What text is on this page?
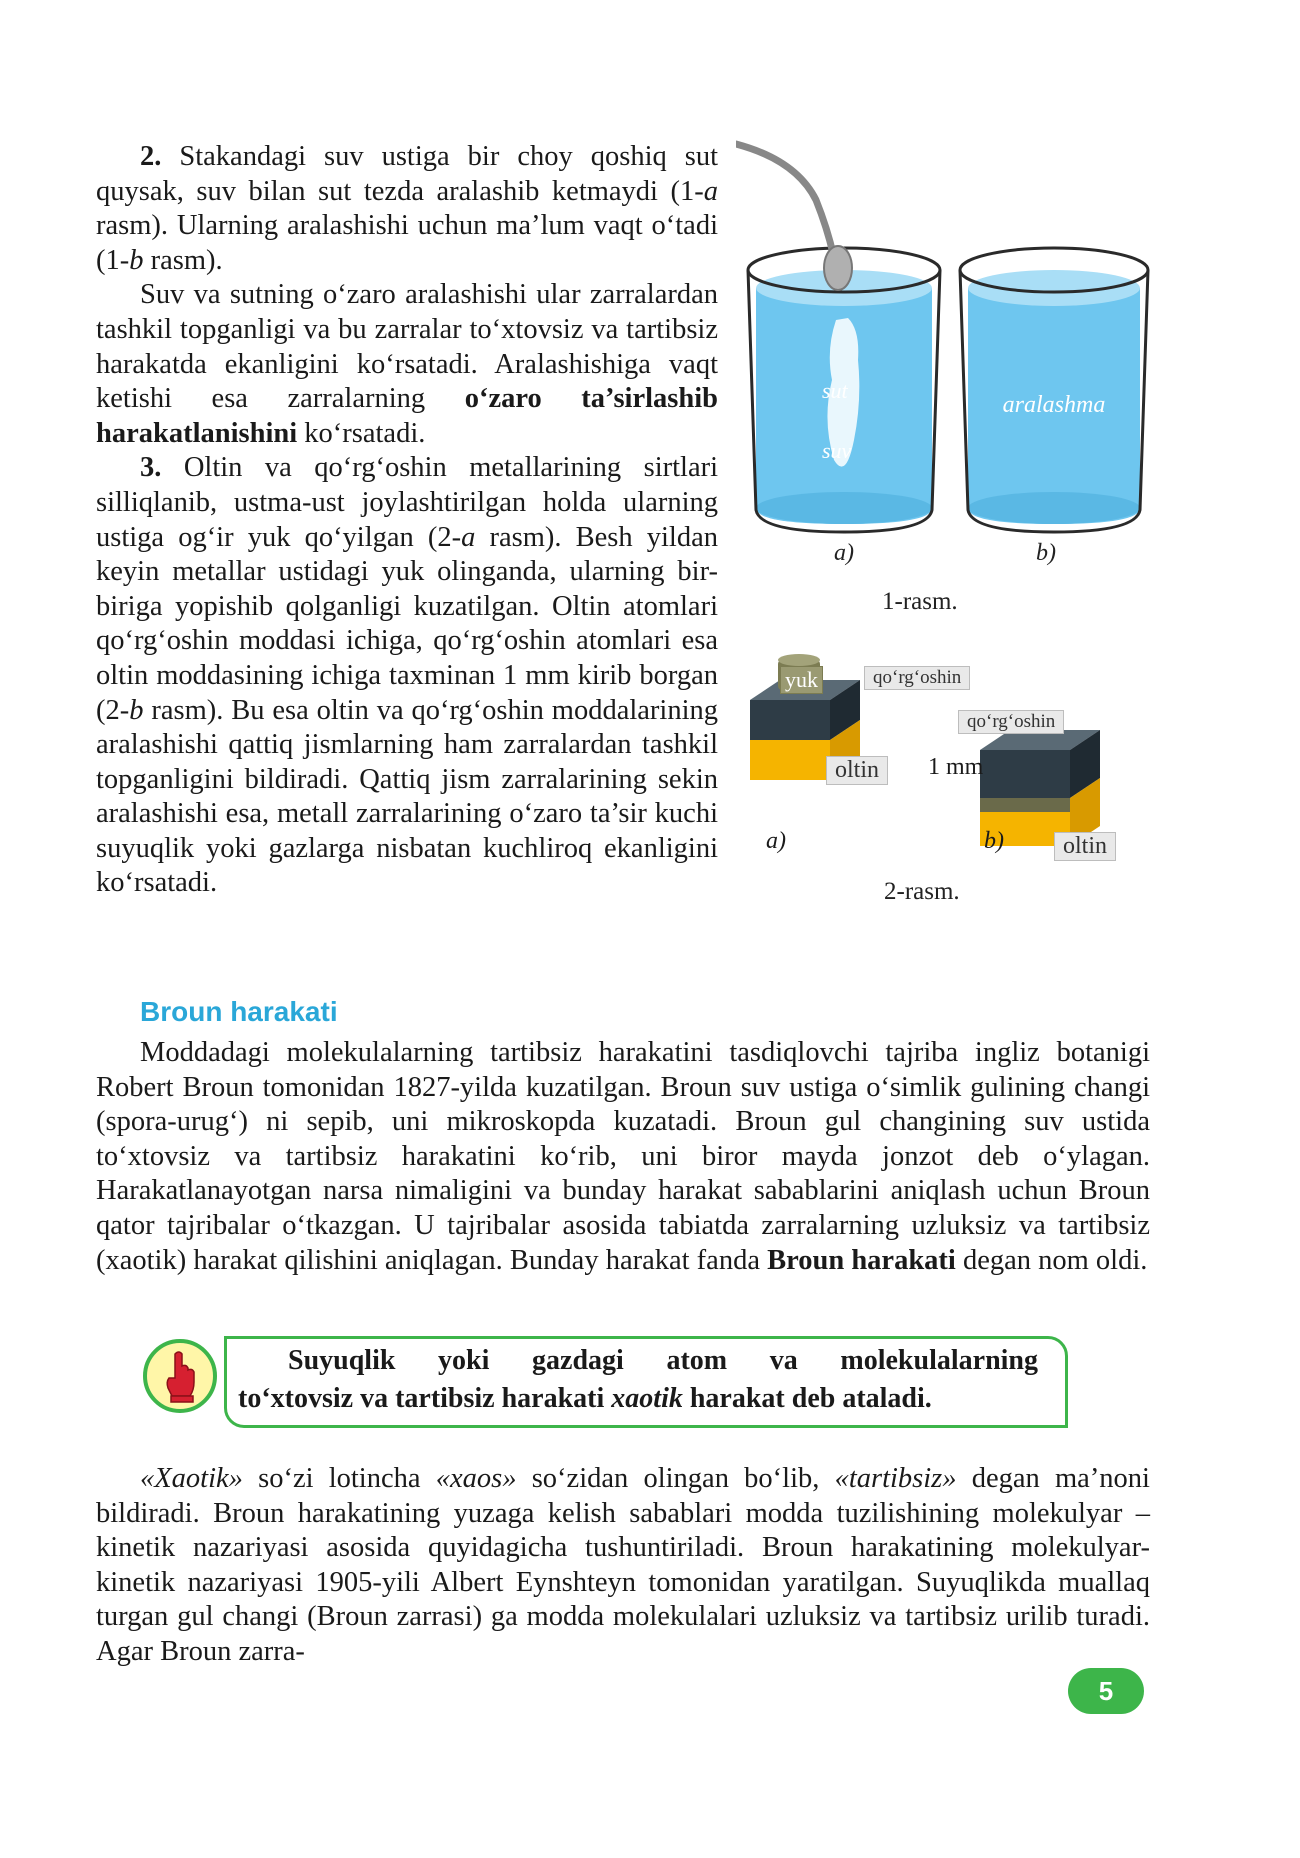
2. Stakandagi suv ustiga bir choy qoshiq sut quysak, suv bilan sut tezda aralashib ketmaydi (1-a rasm). Ularning aralashishi uchun ma’lum vaqt o‘tadi (1-b rasm).

Suv va sutning o‘zaro aralashishi ular zarralardan tashkil topganligi va bu zarralar to‘xtovsiz va tartibsiz harakatda ekanligini ko‘rsatadi. Aralashishiga vaqt ketishi esa zarralarning o‘zaro ta’sirlashib harakatlanishini ko‘rsatadi.

3. Oltin va qo‘rg‘oshin metallarining sirtlari silliqlanib, ustma-ust joylashtirilgan holda ularning ustiga og‘ir yuk qo‘yilgan (2-a rasm). Besh yildan keyin metallar ustidagi yuk olinganda, ularning bir-biriga yopishib qolganligi kuzatilgan. Oltin atomlari qo‘rg‘oshin moddasi ichiga, qo‘rg‘oshin atomlari esa oltin moddasining ichiga taxminan 1 mm kirib borgan (2-b rasm). Bu esa oltin va qo‘rg‘oshin moddalarining aralashishi qattiq jismlarning ham zarralardan tashkil topganligini bildiradi. Qattiq jism zarralarining sekin aralashishi esa, metall zarralarining o‘zaro ta’sir kuchi suyuqlik yoki gazlarga nisbatan kuchliroq ekanligini ko‘rsatadi.

sut
suv
a)
aralashma
b)
1-rasm.
yuk	qo‘rg‘oshin
qo‘rg‘oshin
oltin	1 mm
oltin
a)	b)
2-rasm.
Broun harakati

Moddadagi molekulalarning tartibsiz harakatini tasdiqlovchi tajriba ingliz botanigi Robert Broun tomonidan 1827-yilda kuzatilgan. Broun suv ustiga o‘simlik gulining changi (spora-urug‘) ni sepib, uni mikroskopda kuzatadi. Broun gul changining suv ustida to‘xtovsiz va tartibsiz harakatini ko‘rib, uni biror mayda jonzot deb o‘ylagan. Harakatlanayotgan narsa nimaligini va bunday harakat sabablarini aniqlash uchun Broun qator tajribalar o‘tkazgan. U tajribalar asosida tabiatda zarralarning uzluksiz va tartibsiz (xaotik) harakat qilishini aniqlagan. Bunday harakat fanda Broun harakati degan nom oldi.

Suyuqlik yoki gazdagi atom va molekulalarning
to‘xtovsiz va tartibsiz harakati xaotik harakat deb ataladi.

«Xaotik» so‘zi lotincha «xaos» so‘zidan olingan bo‘lib, «tartibsiz» degan ma’noni bildiradi. Broun harakatining yuzaga kelish sabablari modda tuzilishining molekulyar – kinetik nazariyasi asosida quyidagicha tushuntiriladi. Broun harakatining molekulyar-kinetik nazariyasi 1905-yili Albert Eynshteyn tomonidan yaratilgan. Suyuqlikda muallaq turgan gul changi (Broun zarrasi) ga modda molekulalari uzluksiz va tartibsiz urilib turadi. Agar Broun zarra-

5
